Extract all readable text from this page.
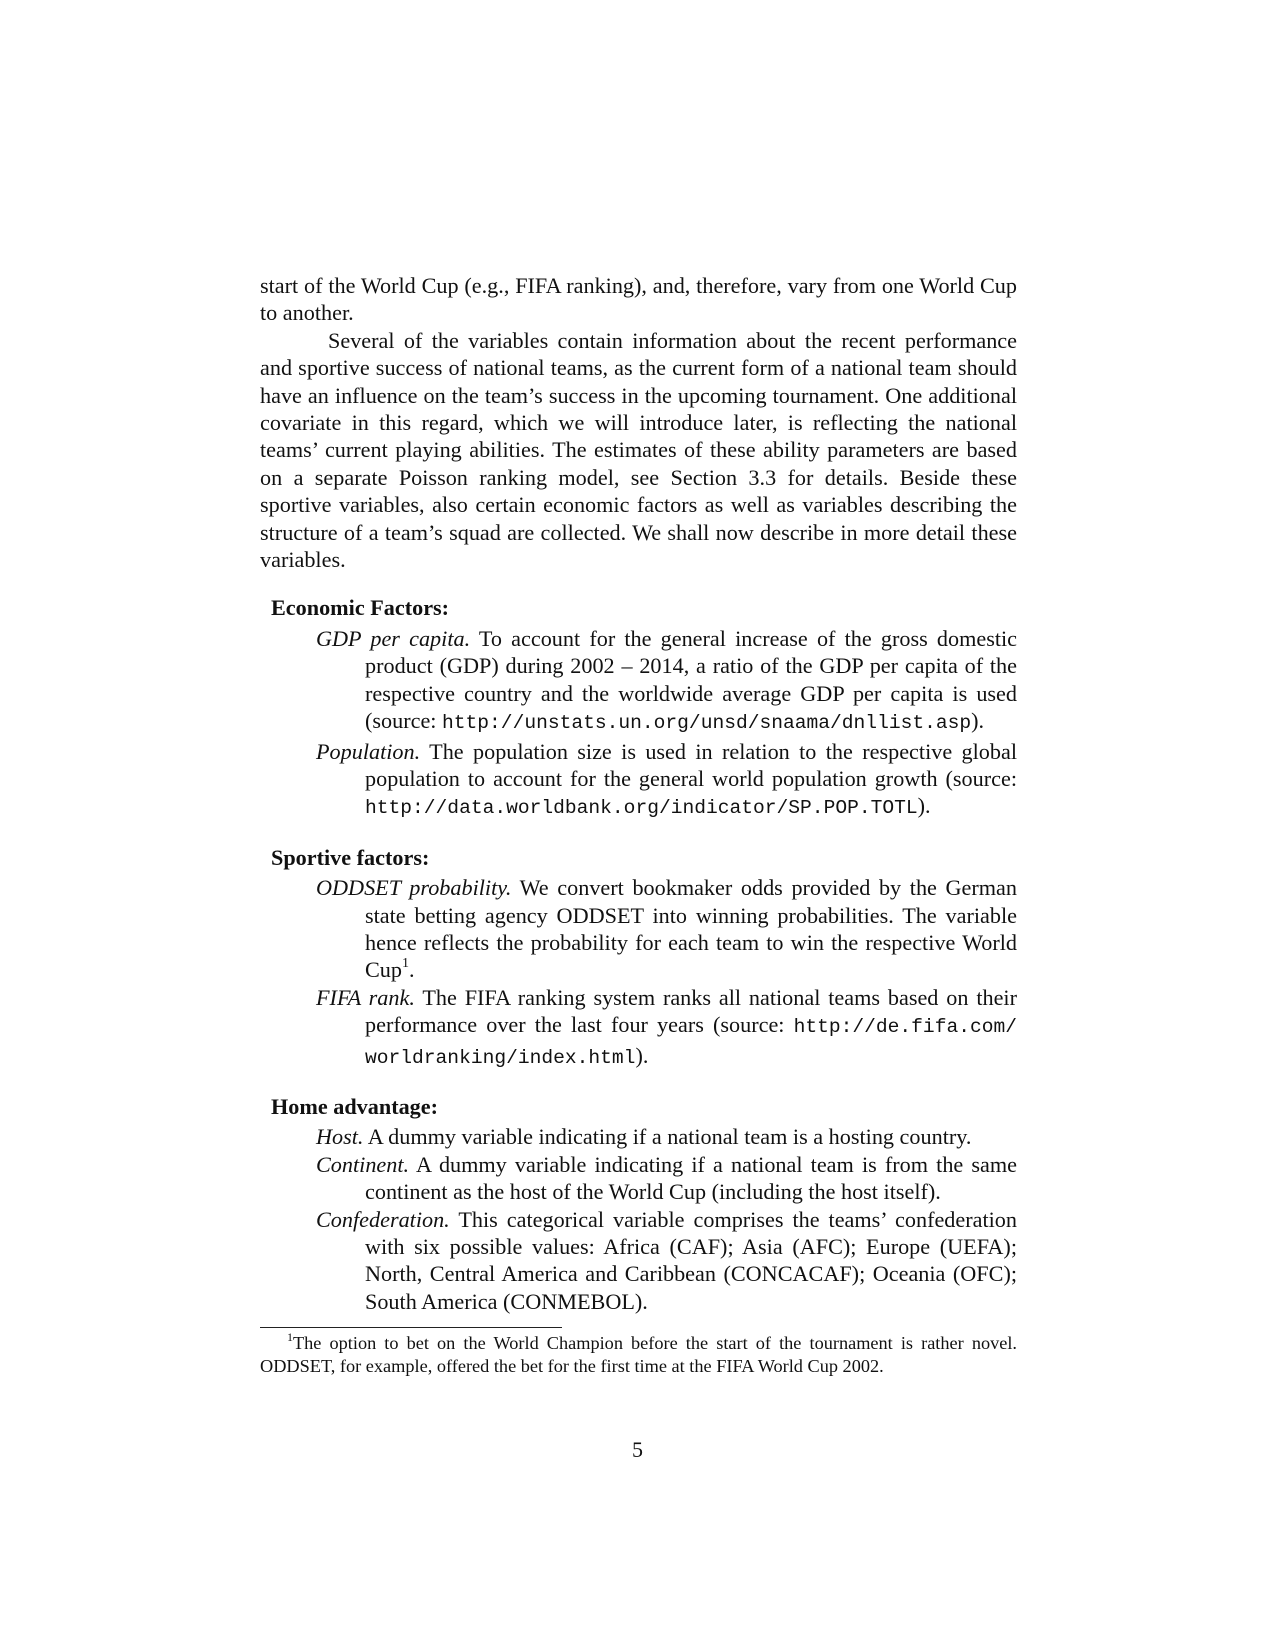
start of the World Cup (e.g., FIFA ranking), and, therefore, vary from one World Cup to another.

Several of the variables contain information about the recent performance and sportive success of national teams, as the current form of a national team should have an influence on the team’s success in the upcoming tournament. One additional covariate in this regard, which we will introduce later, is reflecting the national teams’ current playing abilities. The estimates of these ability parameters are based on a separate Poisson ranking model, see Section 3.3 for details. Beside these sportive variables, also certain economic factors as well as variables describing the structure of a team’s squad are collected. We shall now describe in more detail these variables.

Economic Factors:
GDP per capita. To account for the general increase of the gross domestic product (GDP) during 2002 – 2014, a ratio of the GDP per capita of the respective country and the worldwide average GDP per capita is used (source: http://unstats.un.org/unsd/snaama/dnllist.asp).
Population. The population size is used in relation to the respective global population to account for the general world population growth (source: http://data.worldbank.org/indicator/SP.POP.TOTL).
Sportive factors:
ODDSET probability. We convert bookmaker odds provided by the German state betting agency ODDSET into winning probabilities. The variable hence reflects the probability for each team to win the respective World Cup$^1$.
FIFA rank. The FIFA ranking system ranks all national teams based on their performance over the last four years (source: http://de.fifa.com/ worldranking/index.html).
Home advantage:
Host. A dummy variable indicating if a national team is a hosting country.
Continent. A dummy variable indicating if a national team is from the same continent as the host of the World Cup (including the host itself).
Confederation. This categorical variable comprises the teams’ confederation with six possible values: Africa (CAF); Asia (AFC); Europe (UEFA); North, Central America and Caribbean (CONCACAF); Oceania (OFC); South America (CONMEBOL).

$^1$The option to bet on the World Champion before the start of the tournament is rather novel. ODDSET, for example, offered the bet for the first time at the FIFA World Cup 2002.

5
